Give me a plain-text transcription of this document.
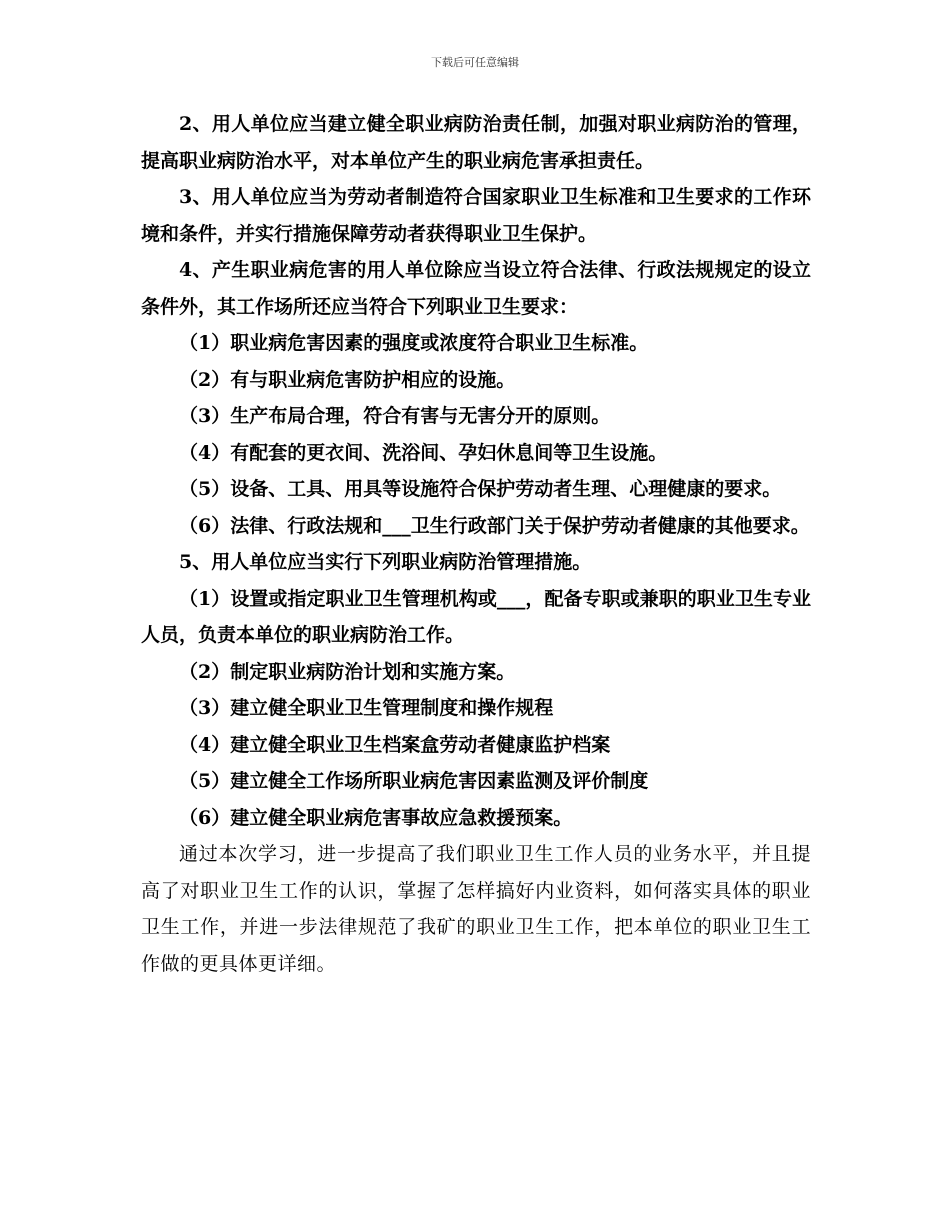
下载后可任意编辑

2、用人单位应当建立健全职业病防治责任制，加强对职业病防治的管理，提高职业病防治水平，对本单位产生的职业病危害承担责任。

3、用人单位应当为劳动者制造符合国家职业卫生标准和卫生要求的工作环境和条件，并实行措施保障劳动者获得职业卫生保护。

4、产生职业病危害的用人单位除应当设立符合法律、行政法规规定的设立条件外，其工作场所还应当符合下列职业卫生要求：

（1）职业病危害因素的强度或浓度符合职业卫生标准。

（2）有与职业病危害防护相应的设施。

（3）生产布局合理，符合有害与无害分开的原则。

（4）有配套的更衣间、洗浴间、孕妇休息间等卫生设施。

（5）设备、工具、用具等设施符合保护劳动者生理、心理健康的要求。

（6）法律、行政法规和___卫生行政部门关于保护劳动者健康的其他要求。

5、用人单位应当实行下列职业病防治管理措施。

（1）设置或指定职业卫生管理机构或___，配备专职或兼职的职业卫生专业人员，负责本单位的职业病防治工作。

（2）制定职业病防治计划和实施方案。

（3）建立健全职业卫生管理制度和操作规程

（4）建立健全职业卫生档案盒劳动者健康监护档案

（5）建立健全工作场所职业病危害因素监测及评价制度

（6）建立健全职业病危害事故应急救援预案。

通过本次学习，进一步提高了我们职业卫生工作人员的业务水平，并且提高了对职业卫生工作的认识，掌握了怎样搞好内业资料，如何落实具体的职业卫生工作，并进一步法律规范了我矿的职业卫生工作，把本单位的职业卫生工作做的更具体更详细。
